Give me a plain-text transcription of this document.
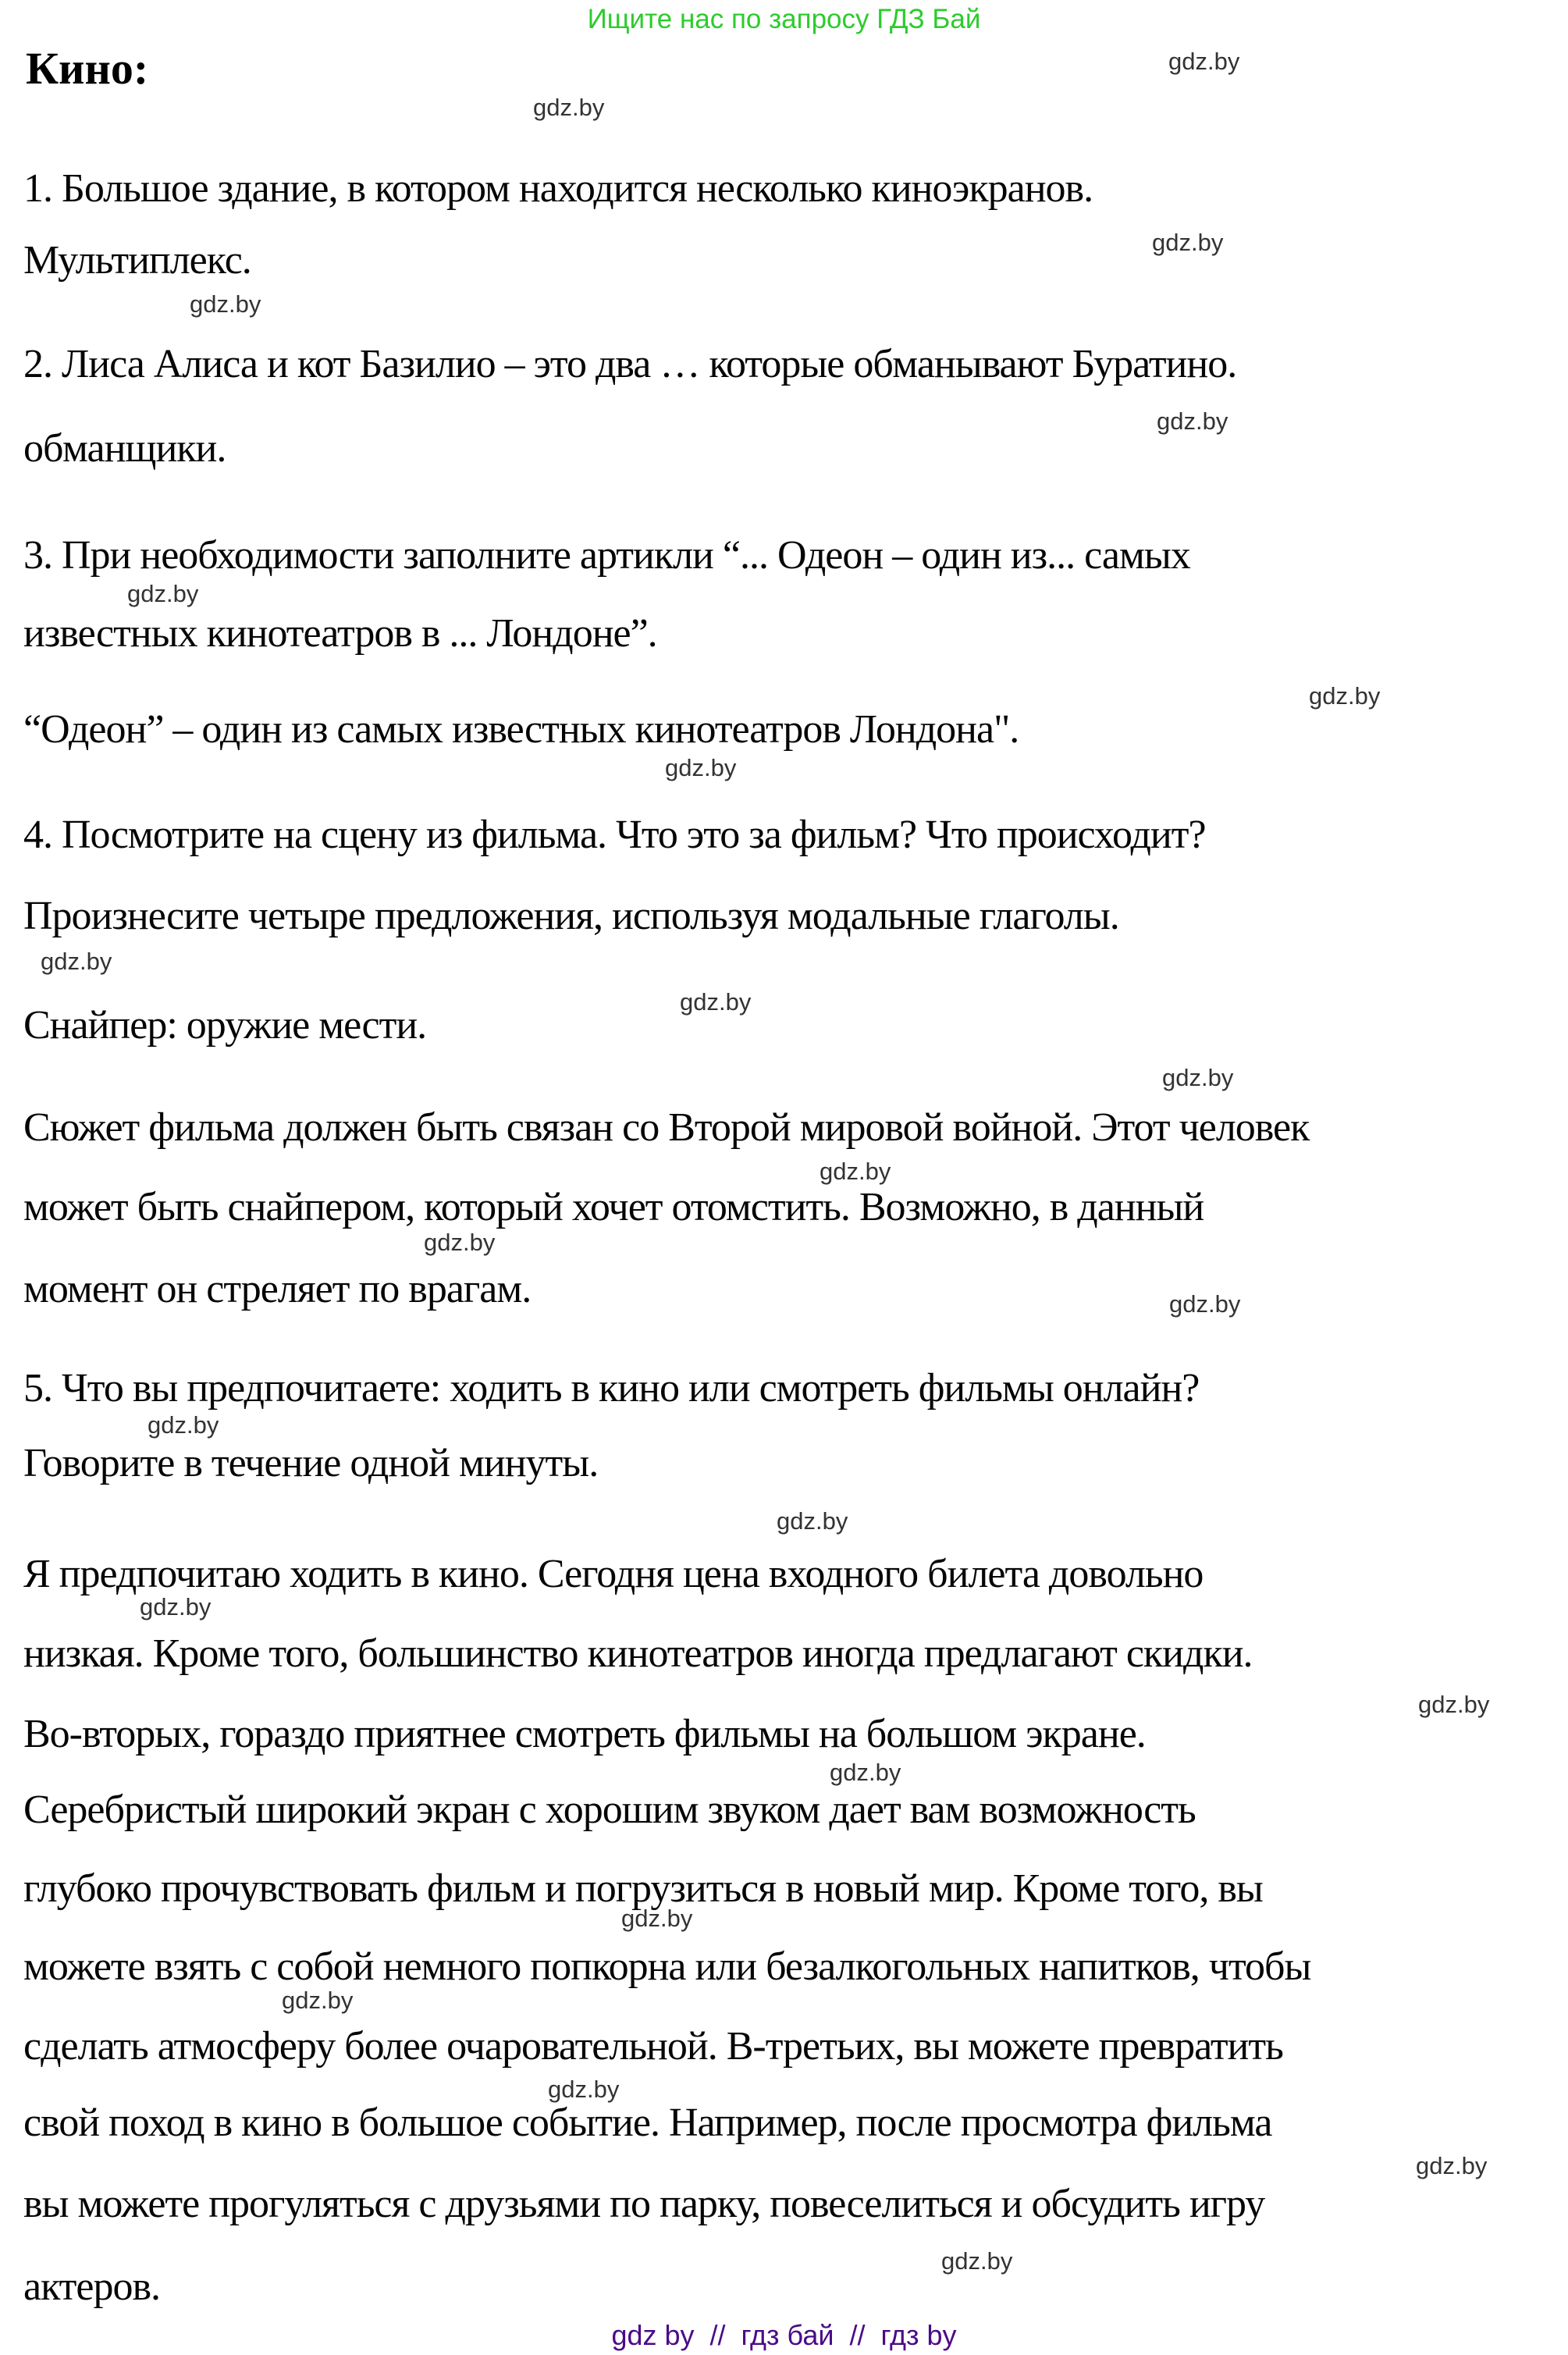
Ищите нас по запросу ГДЗ Бай
Кино:
1. Большое здание, в котором находится несколько киноэкранов.
Мультиплекс.
2. Лиса Алиса и кот Базилио – это два … которые обманывают Буратино.
обманщики.
3. При необходимости заполните артикли “... Одеон – один из... самых
известных кинотеатров в ... Лондоне”.
“Одеон” – один из самых известных кинотеатров Лондона".
4. Посмотрите на сцену из фильма. Что это за фильм? Что происходит?
Произнесите четыре предложения, используя модальные глаголы.
Снайпер: оружие мести.
Сюжет фильма должен быть связан со Второй мировой войной. Этот человек
может быть снайпером, который хочет отомстить. Возможно, в данный
момент он стреляет по врагам.
5. Что вы предпочитаете: ходить в кино или смотреть фильмы онлайн?
Говорите в течение одной минуты.
Я предпочитаю ходить в кино. Сегодня цена входного билета довольно
низкая. Кроме того, большинство кинотеатров иногда предлагают скидки.
Во-вторых, гораздо приятнее смотреть фильмы на большом экране.
Серебристый широкий экран с хорошим звуком дает вам возможность
глубоко прочувствовать фильм и погрузиться в новый мир. Кроме того, вы
можете взять с собой немного попкорна или безалкогольных напитков, чтобы
сделать атмосферу более очаровательной. В-третьих, вы можете превратить
свой поход в кино в большое событие. Например, после просмотра фильма
вы можете прогуляться с друзьями по парку, повеселиться и обсудить игру
актеров.
gdz.by
gdz.by
gdz.by
gdz.by
gdz.by
gdz.by
gdz.by
gdz.by
gdz.by
gdz.by
gdz.by
gdz.by
gdz.by
gdz.by
gdz.by
gdz.by
gdz.by
gdz.by
gdz.by
gdz.by
gdz.by
gdz.by
gdz.by
gdz.by
gdz by  //  гдз бай  //  гдз by
